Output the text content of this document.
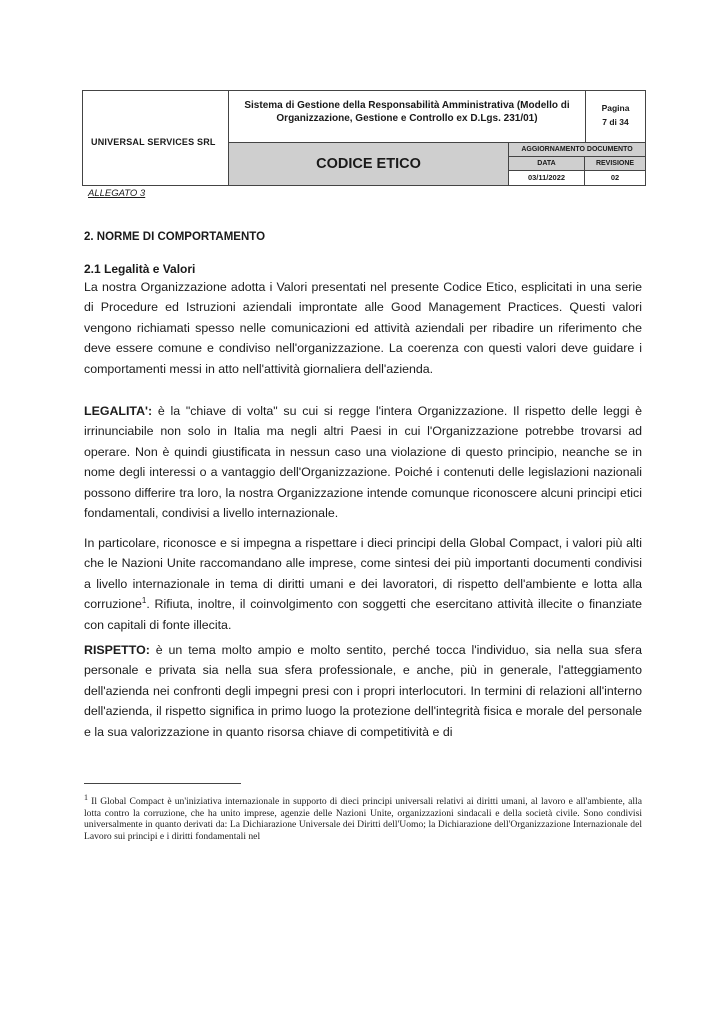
UNIVERSAL SERVICES SRL
Sistema di Gestione della Responsabilità Amministrativa (Modello di Organizzazione, Gestione e Controllo ex D.Lgs. 231/01)
Pagina
7 di 34
CODICE ETICO
AGGIORNAMENTO DOCUMENTO
DATA	REVISIONE
03/11/2022	02
ALLEGATO 3
2. NORME DI COMPORTAMENTO
2.1 Legalità e Valori
La nostra Organizzazione adotta i Valori presentati nel presente Codice Etico, esplicitati in una serie di Procedure ed Istruzioni aziendali improntate alle Good Management Practices. Questi valori vengono richiamati spesso nelle comunicazioni ed attività aziendali per ribadire un riferimento che deve essere comune e condiviso nell'organizzazione. La coerenza con questi valori deve guidare i comportamenti messi in atto nell'attività giornaliera dell'azienda.
LEGALITA': è la "chiave di volta" su cui si regge l'intera Organizzazione. Il rispetto delle leggi è irrinunciabile non solo in Italia ma negli altri Paesi in cui l'Organizzazione potrebbe trovarsi ad operare. Non è quindi giustificata in nessun caso una violazione di questo principio, neanche se in nome degli interessi o a vantaggio dell'Organizzazione. Poiché i contenuti delle legislazioni nazionali possono differire tra loro, la nostra Organizzazione intende comunque riconoscere alcuni principi etici fondamentali, condivisi a livello internazionale.
In particolare, riconosce e si impegna a rispettare i dieci principi della Global Compact, i valori più alti che le Nazioni Unite raccomandano alle imprese, come sintesi dei più importanti documenti condivisi a livello internazionale in tema di diritti umani e dei lavoratori, di rispetto dell'ambiente e lotta alla corruzione$^1$. Rifiuta, inoltre, il coinvolgimento con soggetti che esercitano attività illecite o finanziate con capitali di fonte illecita.
RISPETTO: è un tema molto ampio e molto sentito, perché tocca l'individuo, sia nella sua sfera personale e privata sia nella sua sfera professionale, e anche, più in generale, l'atteggiamento dell'azienda nei confronti degli impegni presi con i propri interlocutori. In termini di relazioni all'interno dell'azienda, il rispetto significa in primo luogo la protezione dell'integrità fisica e morale del personale e la sua valorizzazione in quanto risorsa chiave di competitività e di
$^1$ Il Global Compact è un'iniziativa internazionale in supporto di dieci principi universali relativi ai diritti umani, al lavoro e all'ambiente, alla lotta contro la corruzione, che ha unito imprese, agenzie delle Nazioni Unite, organizzazioni sindacali e della società civile. Sono condivisi universalmente in quanto derivati da: La Dichiarazione Universale dei Diritti dell'Uomo; la Dichiarazione dell'Organizzazione Internazionale del Lavoro sui principi e i diritti fondamentali nel
